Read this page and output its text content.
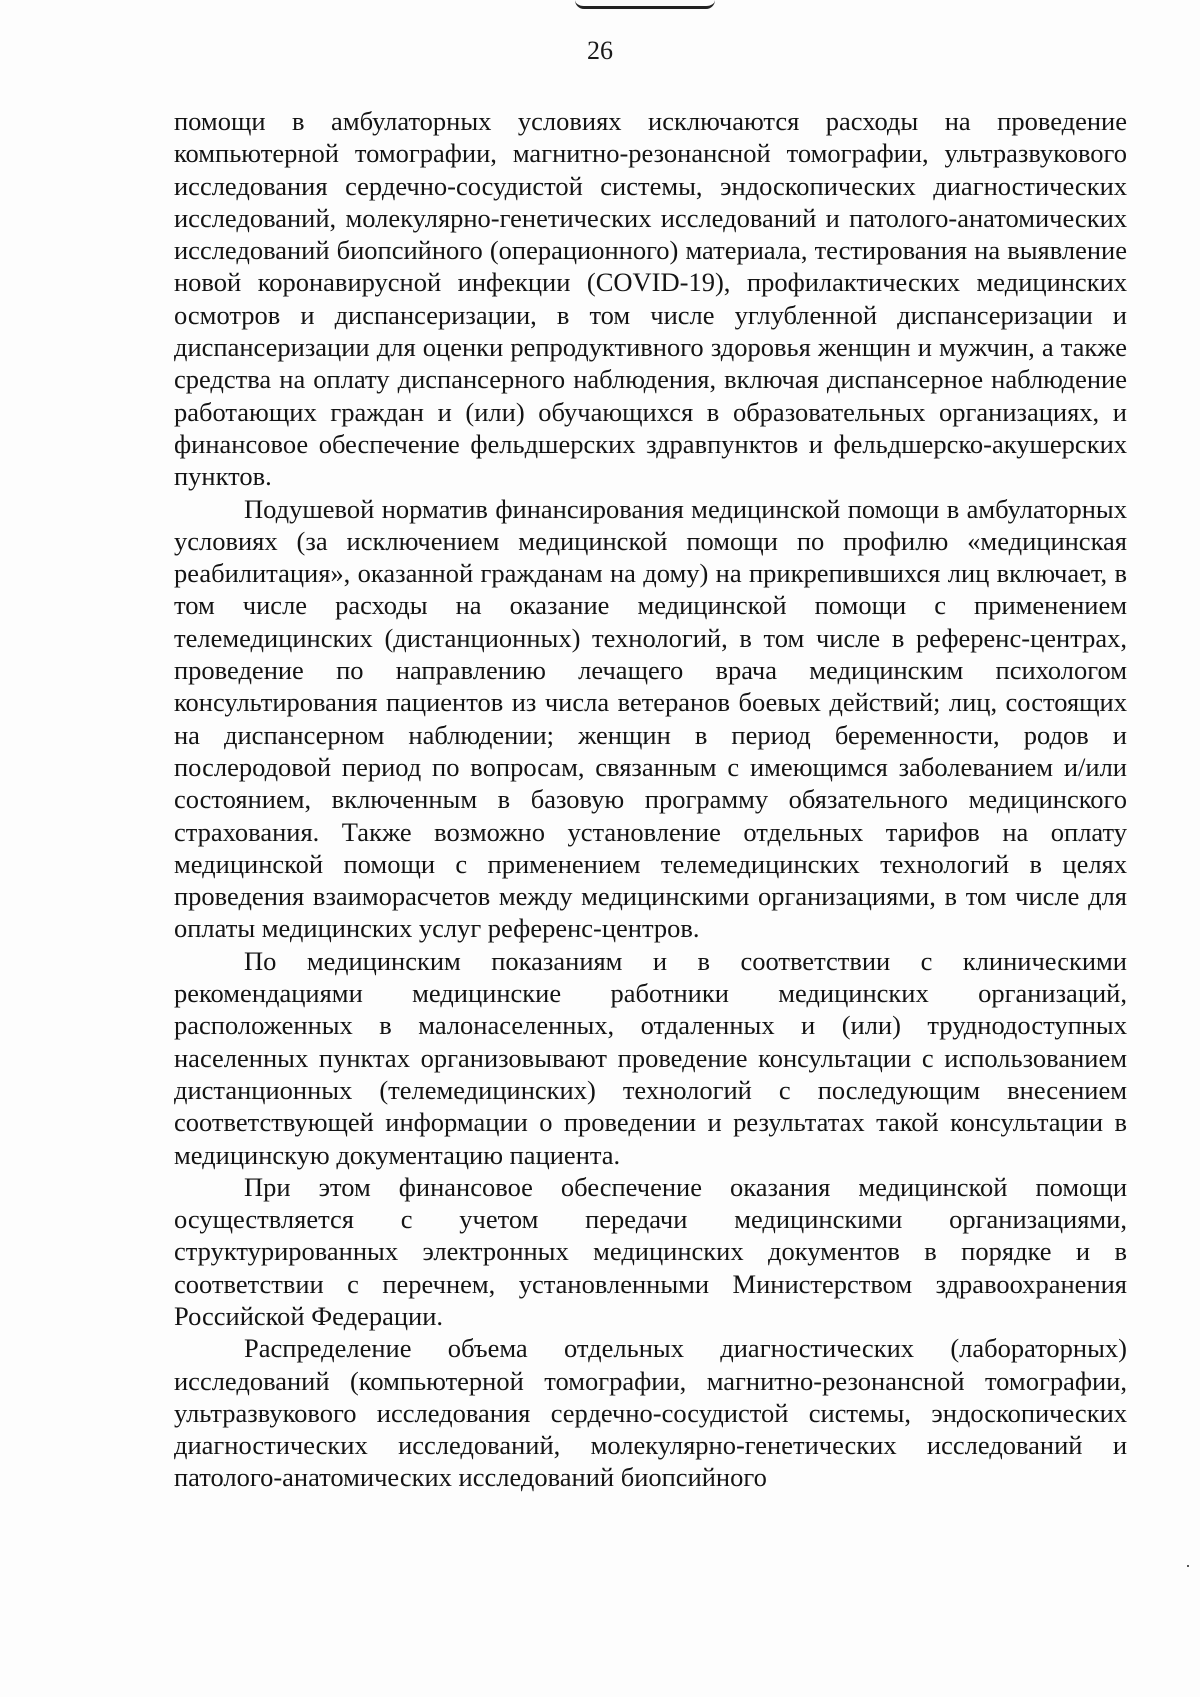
26

помощи в амбулаторных условиях исключаются расходы на проведение компьютерной томографии, магнитно-резонансной томографии, ультразвукового исследования сердечно-сосудистой системы, эндоскопических диагностических исследований, молекулярно-генетических исследований и патолого-анатомических исследований биопсийного (операционного) материала, тестирования на выявление новой коронавирусной инфекции (COVID-19), профилактических медицинских осмотров и диспансеризации, в том числе углубленной диспансеризации и диспансеризации для оценки репродуктивного здоровья женщин и мужчин, а также средства на оплату диспансерного наблюдения, включая диспансерное наблюдение работающих граждан и (или) обучающихся в образовательных организациях, и финансовое обеспечение фельдшерских здравпунктов и фельдшерско-акушерских пунктов.

Подушевой норматив финансирования медицинской помощи в амбулаторных условиях (за исключением медицинской помощи по профилю «медицинская реабилитация», оказанной гражданам на дому) на прикрепившихся лиц включает, в том числе расходы на оказание медицинской помощи с применением телемедицинских (дистанционных) технологий, в том числе в референс-центрах, проведение по направлению лечащего врача медицинским психологом консультирования пациентов из числа ветеранов боевых действий; лиц, состоящих на диспансерном наблюдении; женщин в период беременности, родов и послеродовой период по вопросам, связанным с имеющимся заболеванием и/или состоянием, включенным в базовую программу обязательного медицинского страхования. Также возможно установление отдельных тарифов на оплату медицинской помощи с применением телемедицинских технологий в целях проведения взаиморасчетов между медицинскими организациями, в том числе для оплаты медицинских услуг референс-центров.

По медицинским показаниям и в соответствии с клиническими рекомендациями медицинские работники медицинских организаций, расположенных в малонаселенных, отдаленных и (или) труднодоступных населенных пунктах организовывают проведение консультации с использованием дистанционных (телемедицинских) технологий с последующим внесением соответствующей информации о проведении и результатах такой консультации в медицинскую документацию пациента.

При этом финансовое обеспечение оказания медицинской помощи осуществляется с учетом передачи медицинскими организациями, структурированных электронных медицинских документов в порядке и в соответствии с перечнем, установленными Министерством здравоохранения Российской Федерации.

Распределение объема отдельных диагностических (лабораторных) исследований (компьютерной томографии, магнитно-резонансной томографии, ультразвукового исследования сердечно-сосудистой системы, эндоскопических диагностических исследований, молекулярно-генетических исследований и патолого-анатомических исследований биопсийного
